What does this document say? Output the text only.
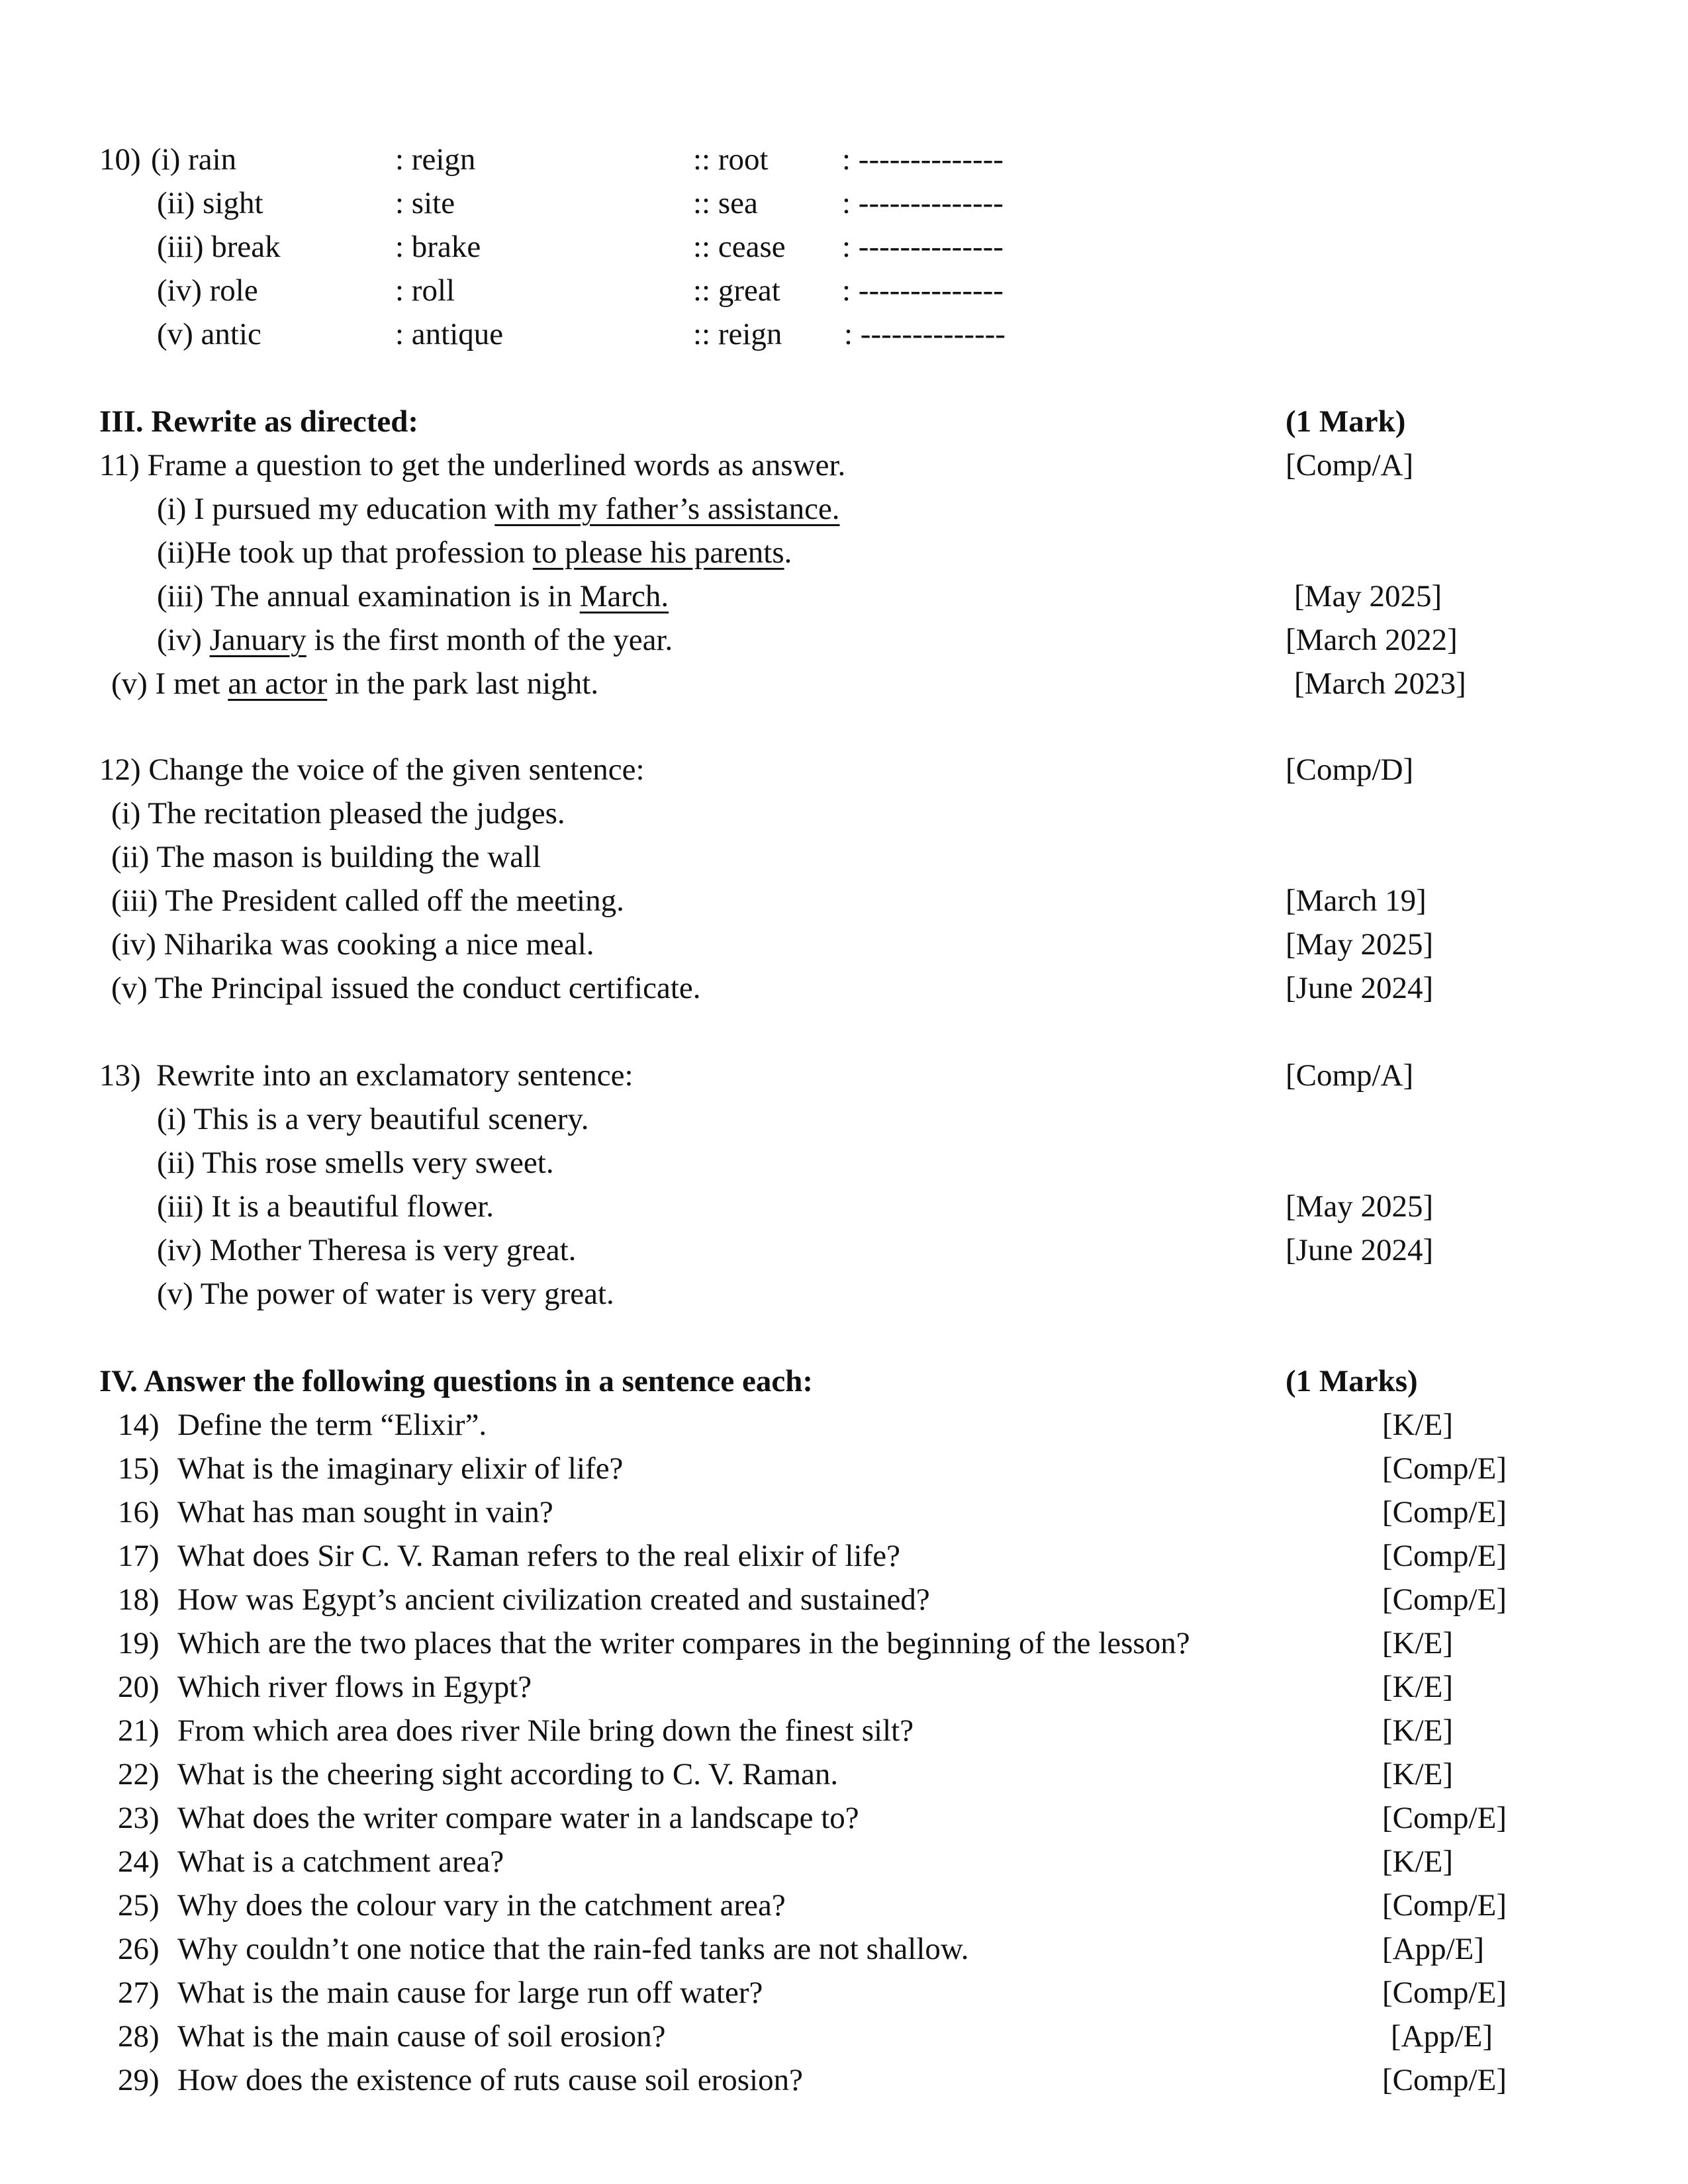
10) (i) rain	: reign	:: root : --------------
(ii) sight	: site	:: sea	: --------------
(iii) break	: brake	:: cease : --------------
(iv) role	: roll	:: great : --------------
(v) antic	: antique	:: reign : --------------
III. Rewrite as directed:	(1 Mark)
11) Frame a question to get the underlined words as answer.	[Comp/A]
(i) I pursued my education with my father’s assistance.
(ii)He took up that profession to please his parents.
(iii) The annual examination is in March.	[May 2025]
(iv) January is the first month of the year.	[March 2022]
(v) I met an actor in the park last night.	[March 2023]
12) Change the voice of the given sentence:	[Comp/D]
(i) The recitation pleased the judges.
(ii) The mason is building the wall
(iii) The President called off the meeting.	[March 19]
(iv) Niharika was cooking a nice meal.	[May 2025]
(v) The Principal issued the conduct certificate.	[June 2024]
13)  Rewrite into an exclamatory sentence:	[Comp/A]
(i) This is a very beautiful scenery.
(ii) This rose smells very sweet.
(iii) It is a beautiful flower.	[May 2025]
(iv) Mother Theresa is very great.	[June 2024]
(v) The power of water is very great.
IV. Answer the following questions in a sentence each:	(1 Marks)
14) Define the term “Elixir”.	[K/E]
15) What is the imaginary elixir of life?	[Comp/E]
16) What has man sought in vain?	[Comp/E]
17) What does Sir C. V. Raman refers to the real elixir of life?	[Comp/E]
18) How was Egypt’s ancient civilization created and sustained?	[Comp/E]
19) Which are the two places that the writer compares in the beginning of the lesson?	[K/E]
20) Which river flows in Egypt?	[K/E]
21) From which area does river Nile bring down the finest silt?	[K/E]
22) What is the cheering sight according to C. V. Raman.	[K/E]
23) What does the writer compare water in a landscape to?	[Comp/E]
24) What is a catchment area?	[K/E]
25) Why does the colour vary in the catchment area?	[Comp/E]
26) Why couldn’t one notice that the rain-fed tanks are not shallow.	[App/E]
27) What is the main cause for large run off water?	[Comp/E]
28) What is the main cause of soil erosion?	[App/E]
29) How does the existence of ruts cause soil erosion?	[Comp/E]
